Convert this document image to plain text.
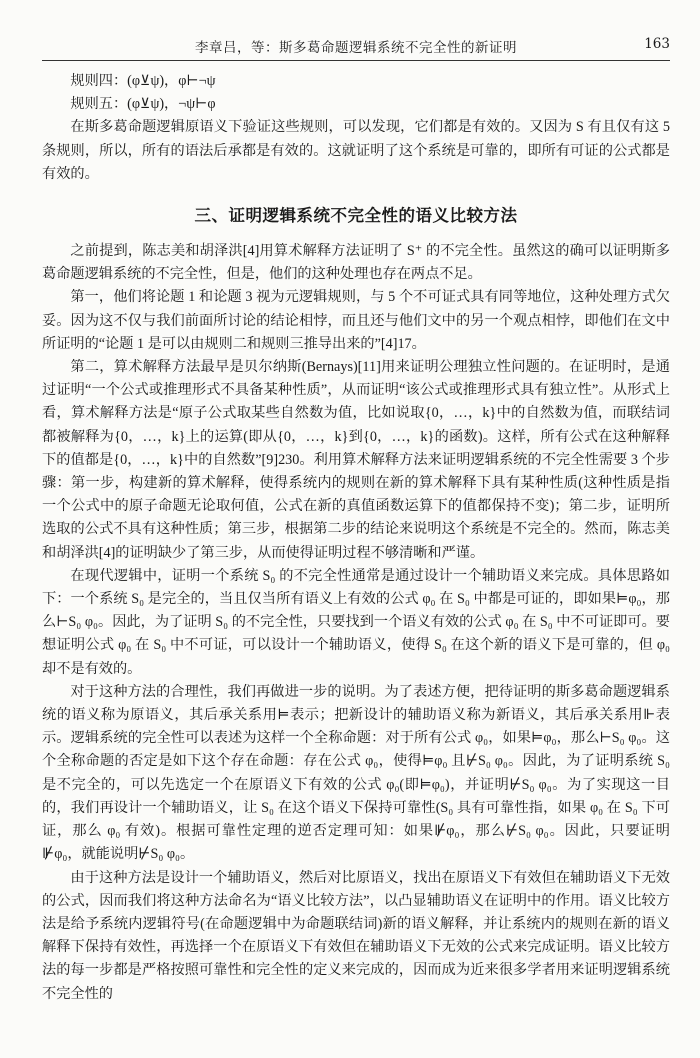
李章吕，等：斯多葛命题逻辑系统不完全性的新证明	163

规则四：(φ⊻ψ)，φ⊢¬ψ

规则五：(φ⊻ψ)，¬ψ⊢φ

在斯多葛命题逻辑原语义下验证这些规则，可以发现，它们都是有效的。又因为 S 有且仅有这 5 条规则，所以，所有的语法后承都是有效的。这就证明了这个系统是可靠的，即所有可证的公式都是有效的。

三、证明逻辑系统不完全性的语义比较方法

之前提到，陈志美和胡泽洪[4]用算术解释方法证明了 S⁺ 的不完全性。虽然这的确可以证明斯多葛命题逻辑系统的不完全性，但是，他们的这种处理也存在两点不足。

第一，他们将论题 1 和论题 3 视为元逻辑规则，与 5 个不可证式具有同等地位，这种处理方式欠妥。因为这不仅与我们前面所讨论的结论相悖，而且还与他们文中的另一个观点相悖，即他们在文中所证明的“论题 1 是可以由规则二和规则三推导出来的”[4]17。

第二，算术解释方法最早是贝尔纳斯(Bernays)[11]用来证明公理独立性问题的。在证明时，是通过证明“一个公式或推理形式不具备某种性质”，从而证明“该公式或推理形式具有独立性”。从形式上看，算术解释方法是“原子公式取某些自然数为值，比如说取{0，…，k}中的自然数为值，而联结词都被解释为{0，…，k}上的运算(即从{0，…，k}到{0，…，k}的函数)。这样，所有公式在这种解释下的值都是{0，…，k}中的自然数”[9]230。利用算术解释方法来证明逻辑系统的不完全性需要 3 个步骤：第一步，构建新的算术解释，使得系统内的规则在新的算术解释下具有某种性质(这种性质是指一个公式中的原子命题无论取何值，公式在新的真值函数运算下的值都保持不变)；第二步，证明所选取的公式不具有这种性质；第三步，根据第二步的结论来说明这个系统是不完全的。然而，陈志美和胡泽洪[4]的证明缺少了第三步，从而使得证明过程不够清晰和严谨。

在现代逻辑中，证明一个系统 S₀ 的不完全性通常是通过设计一个辅助语义来完成。具体思路如下：一个系统 S₀ 是完全的，当且仅当所有语义上有效的公式 φ₀ 在 S₀ 中都是可证的，即如果⊨φ₀，那么⊢S₀ φ₀。因此，为了证明 S₀ 的不完全性，只要找到一个语义有效的公式 φ₀ 在 S₀ 中不可证即可。要想证明公式 φ₀ 在 S₀ 中不可证，可以设计一个辅助语义，使得 S₀ 在这个新的语义下是可靠的，但 φ₀ 却不是有效的。

对于这种方法的合理性，我们再做进一步的说明。为了表述方便，把待证明的斯多葛命题逻辑系统的语义称为原语义，其后承关系用⊨表示；把新设计的辅助语义称为新语义，其后承关系用⊩表示。逻辑系统的完全性可以表述为这样一个全称命题：对于所有公式 φ₀，如果⊨φ₀，那么⊢S₀ φ₀。这个全称命题的否定是如下这个存在命题：存在公式 φ₀，使得⊨φ₀ 且⊬S₀ φ₀。因此，为了证明系统 S₀ 是不完全的，可以先选定一个在原语义下有效的公式 φ₀(即⊨φ₀)，并证明⊬S₀ φ₀。为了实现这一目的，我们再设计一个辅助语义，让 S₀ 在这个语义下保持可靠性(S₀ 具有可靠性指，如果 φ₀ 在 S₀ 下可证，那么 φ₀ 有效)。根据可靠性定理的逆否定理可知：如果⊮φ₀，那么⊬S₀ φ₀。因此，只要证明⊮φ₀，就能说明⊬S₀ φ₀。

由于这种方法是设计一个辅助语义，然后对比原语义，找出在原语义下有效但在辅助语义下无效的公式，因而我们将这种方法命名为“语义比较方法”，以凸显辅助语义在证明中的作用。语义比较方法是给予系统内逻辑符号(在命题逻辑中为命题联结词)新的语义解释，并让系统内的规则在新的语义解释下保持有效性，再选择一个在原语义下有效但在辅助语义下无效的公式来完成证明。语义比较方法的每一步都是严格按照可靠性和完全性的定义来完成的，因而成为近来很多学者用来证明逻辑系统不完全性的
